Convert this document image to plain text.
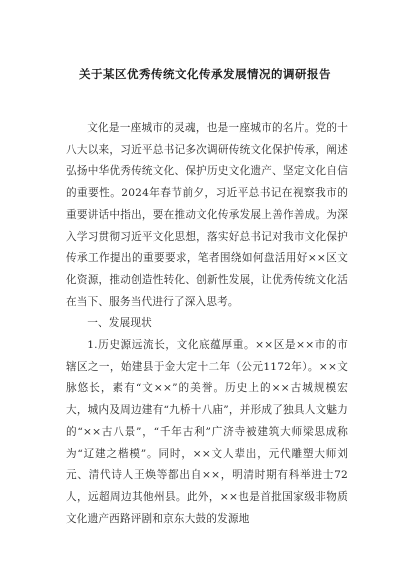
关于某区优秀传统文化传承发展情况的调研报告

文化是一座城市的灵魂，也是一座城市的名片。党的十八大以来，习近平总书记多次调研传统文化保护传承，阐述弘扬中华优秀传统文化、保护历史文化遗产、坚定文化自信的重要性。2024年春节前夕，习近平总书记在视察我市的重要讲话中指出，要在推动文化传承发展上善作善成。为深入学习贯彻习近平文化思想，落实好总书记对我市文化保护传承工作提出的重要要求，笔者围绕如何盘活用好××区文化资源，推动创造性转化、创新性发展，让优秀传统文化活在当下、服务当代进行了深入思考。

一、发展现状

1.历史源远流长，文化底蕴厚重。××区是××市的市辖区之一，始建县于金大定十二年（公元1172年）。××文脉悠长，素有“文××”的美誉。历史上的××古城规模宏大，城内及周边建有“九桥十八庙”，并形成了独具人文魅力的“××古八景”，“千年古利”广济寺被建筑大师梁思成称为“辽建之楷模”。同时，××文人辈出，元代雕塑大师刘元、清代诗人王焕等都出自××，明清时期有科举进士72人，远超周边其他州县。此外，××也是首批国家级非物质文化遗产西路评剧和京东大鼓的发源地
